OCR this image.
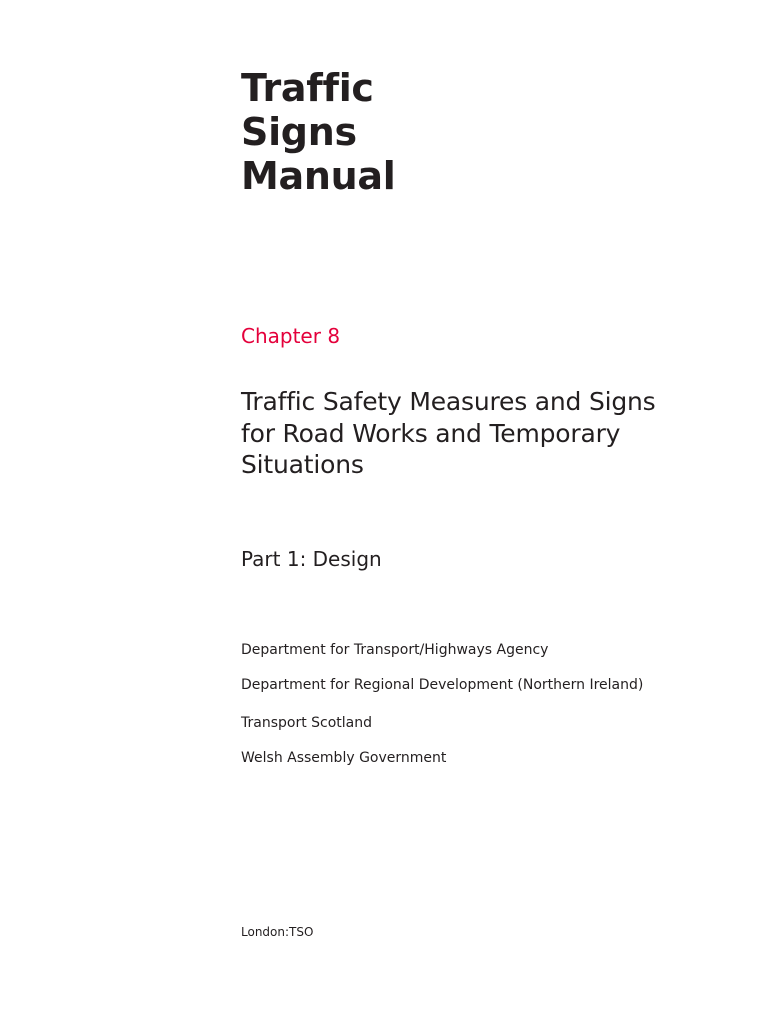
Traffic
Signs
Manual
Chapter 8
Traffic Safety Measures and Signs
for Road Works and Temporary
Situations
Part 1: Design
Department for Transport/Highways Agency
Department for Regional Development (Northern Ireland)
Transport Scotland
Welsh Assembly Government
London:TSO
